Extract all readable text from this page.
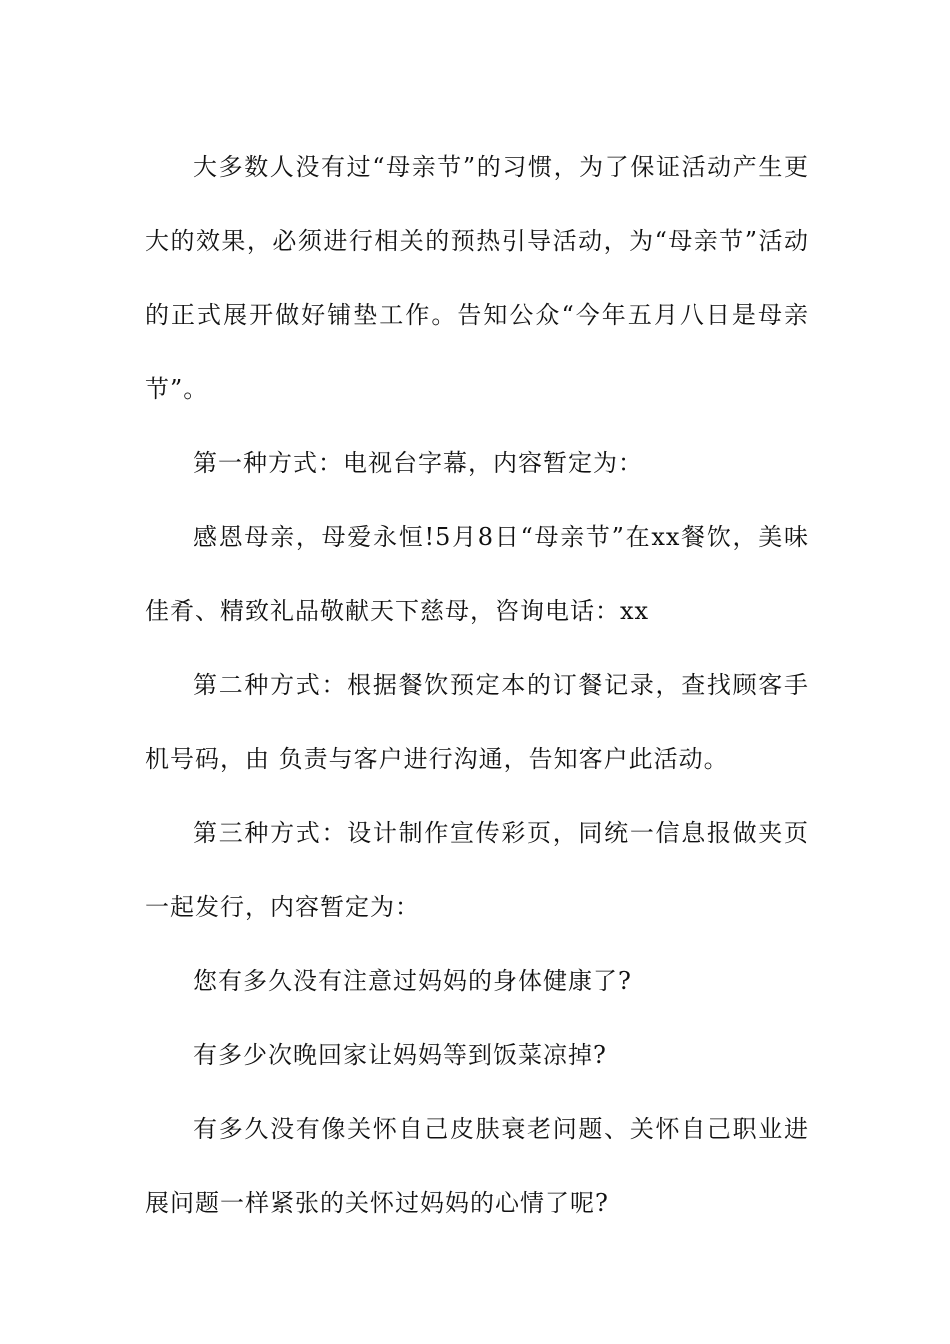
大多数人没有过“母亲节”的习惯，为了保证活动产生更大的效果，必须进行相关的预热引导活动，为“母亲节”活动的正式展开做好铺垫工作。告知公众“今年五月八日是母亲节”。

第一种方式：电视台字幕，内容暂定为：

感恩母亲，母爱永恒!5月8日“母亲节”在xx餐饮，美味佳肴、精致礼品敬献天下慈母，咨询电话：xx

第二种方式：根据餐饮预定本的订餐记录，查找顾客手机号码，由 负责与客户进行沟通，告知客户此活动。

第三种方式：设计制作宣传彩页，同统一信息报做夹页一起发行，内容暂定为：

您有多久没有注意过妈妈的身体健康了?

有多少次晚回家让妈妈等到饭菜凉掉?

有多久没有像关怀自己皮肤衰老问题、关怀自己职业进展问题一样紧张的关怀过妈妈的心情了呢?
